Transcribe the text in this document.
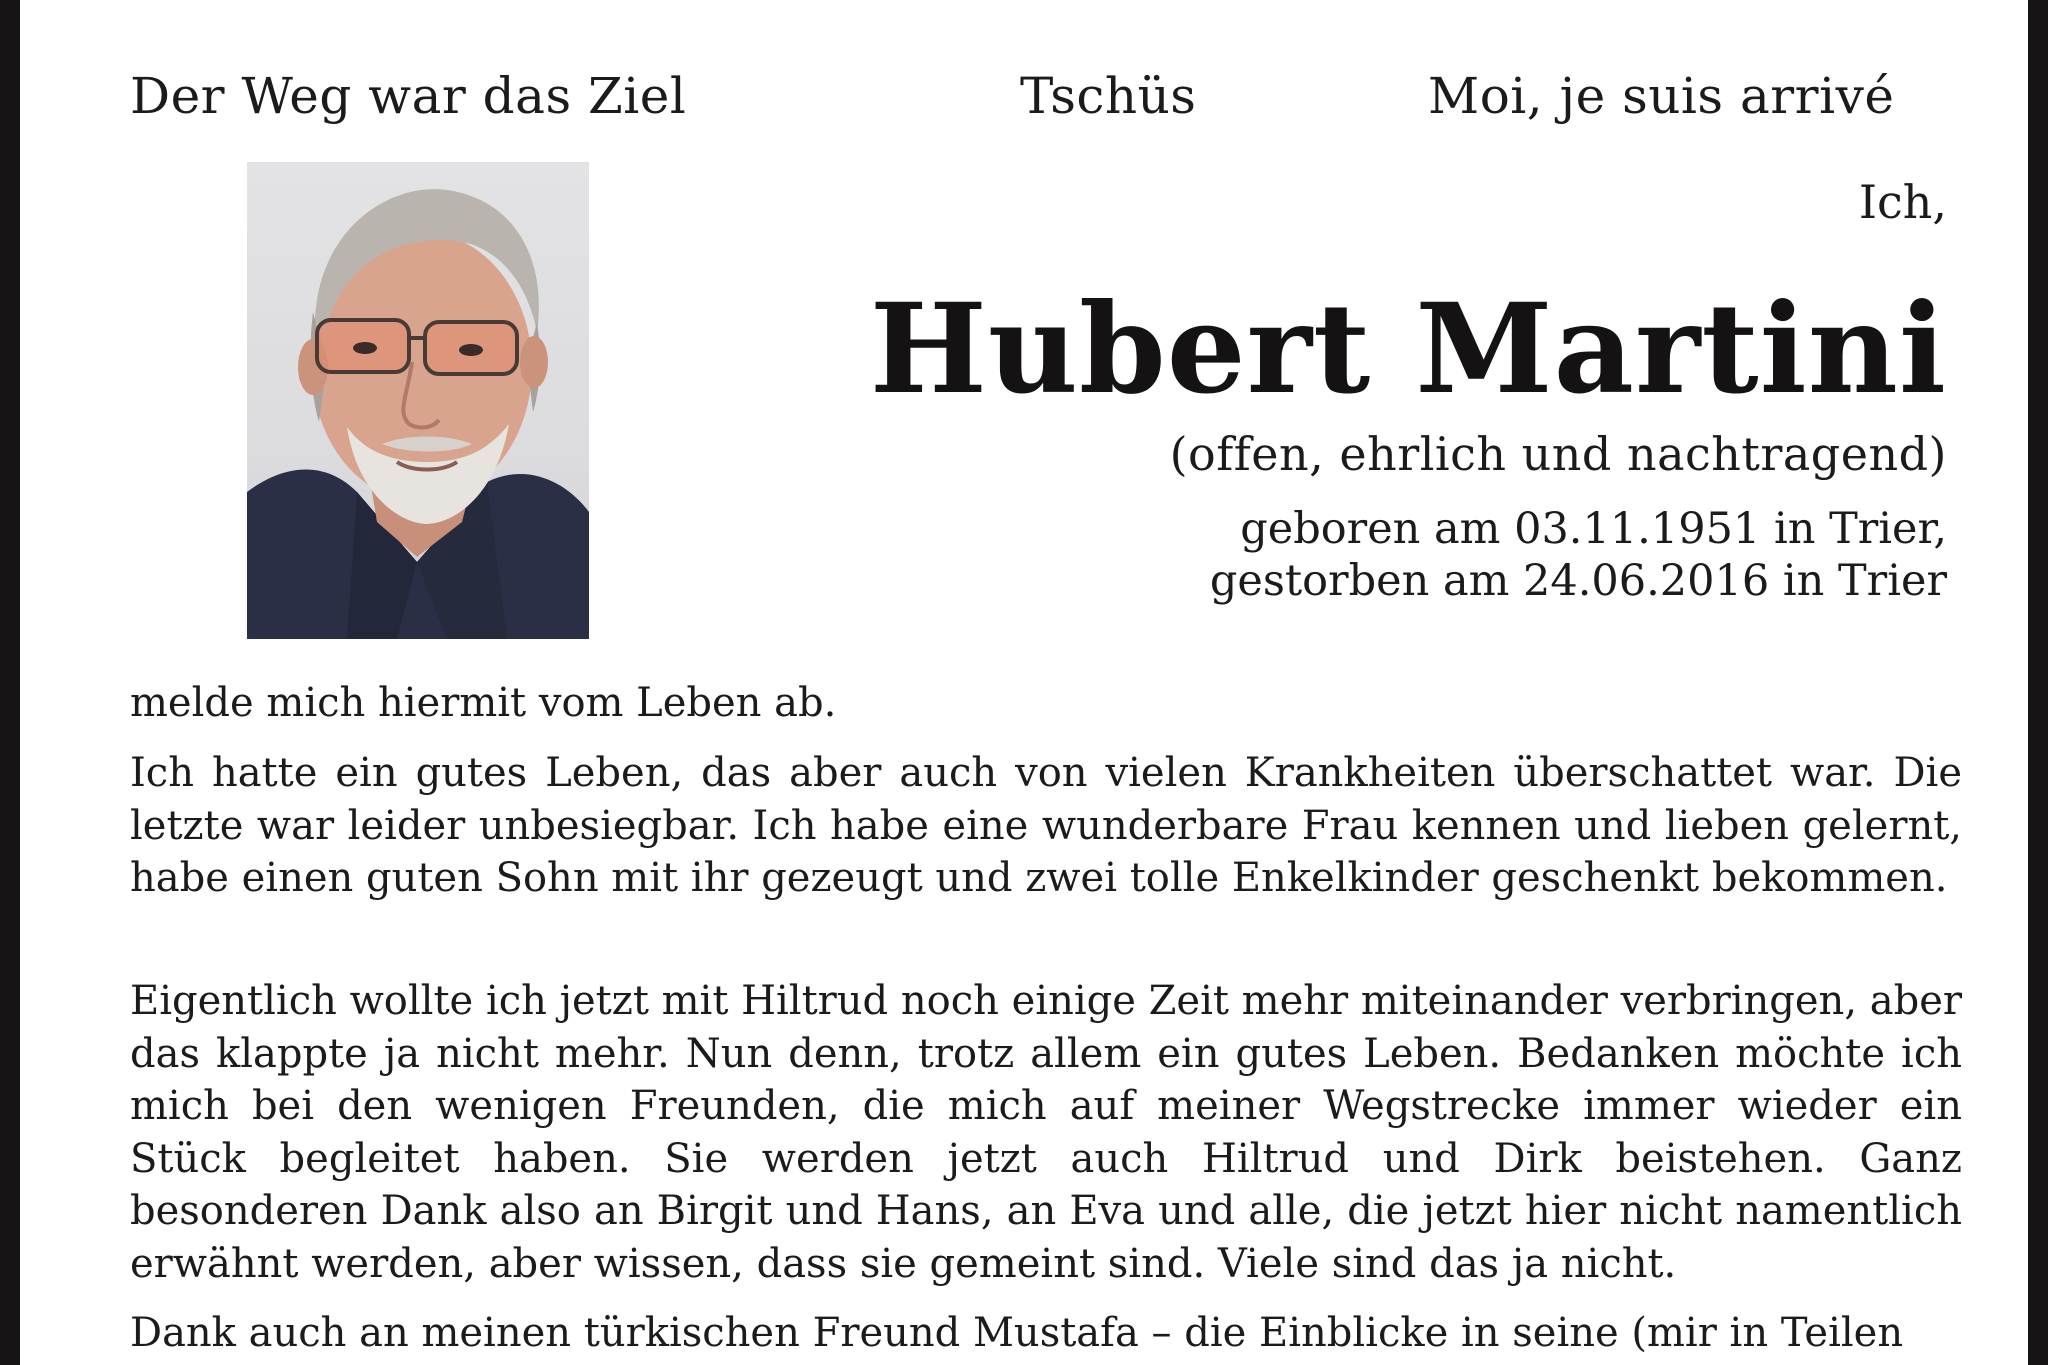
Der Weg war das Ziel	Tschüs	Moi, je suis arrivé
Ich,
Hubert Martini
(offen, ehrlich und nachtragend)
geboren am 03.11.1951 in Trier,
gestorben am 24.06.2016 in Trier

melde mich hiermit vom Leben ab.

Ich hatte ein gutes Leben, das aber auch von vielen Krankheiten überschattet war. Die letzte war leider unbesiegbar. Ich habe eine wunderbare Frau kennen und lieben gelernt, habe einen guten Sohn mit ihr gezeugt und zwei tolle Enkelkinder geschenkt bekommen.

Eigentlich wollte ich jetzt mit Hiltrud noch einige Zeit mehr miteinander verbringen, aber das klappte ja nicht mehr. Nun denn, trotz allem ein gutes Leben. Bedanken möchte ich mich bei den wenigen Freunden, die mich auf meiner Wegstrecke immer wieder ein Stück begleitet haben. Sie werden jetzt auch Hiltrud und Dirk beistehen. Ganz besonderen Dank also an Birgit und Hans, an Eva und alle, die jetzt hier nicht namentlich erwähnt werden, aber wissen, dass sie gemeint sind. Viele sind das ja nicht.

Dank auch an meinen türkischen Freund Mustafa – die Einblicke in seine (mir in Teilen
